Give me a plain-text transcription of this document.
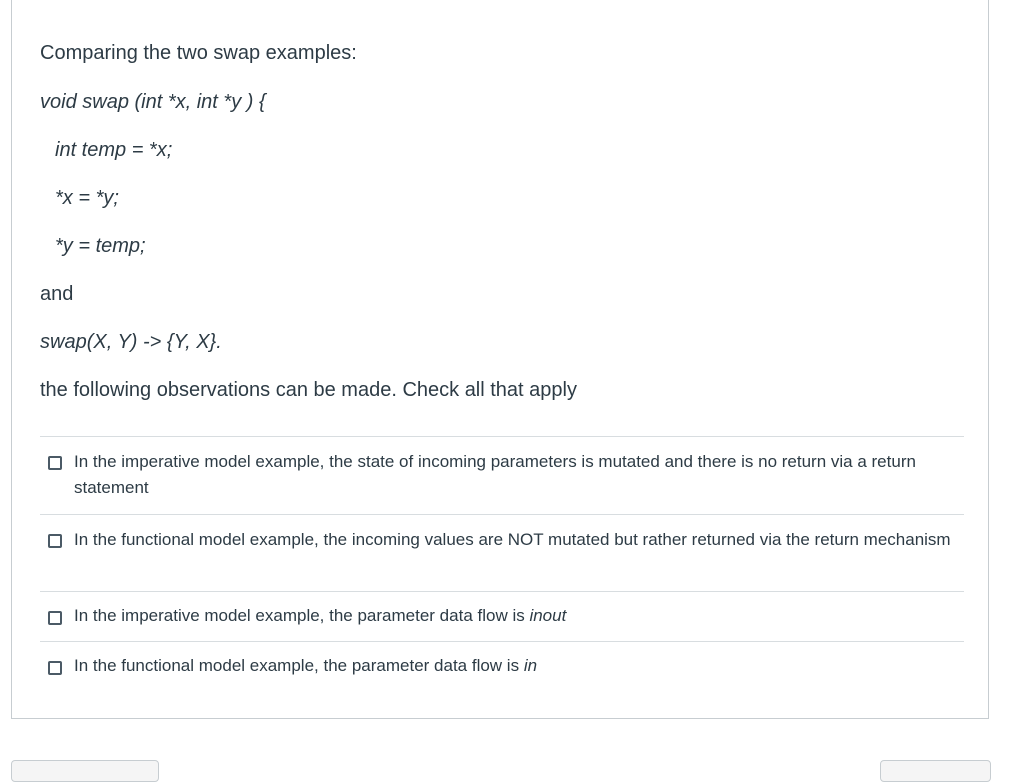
Comparing the two swap examples:
void swap (int *x, int *y ) {
int temp = *x;
*x = *y;
*y = temp;
and
swap(X, Y) -> {Y, X}.
the following observations can be made. Check all that apply
In the imperative model example, the state of incoming parameters is mutated and there is no return via a return statement
In the functional model example, the incoming values are NOT mutated but rather returned via the return mechanism
In the imperative model example, the parameter data flow is inout
In the functional model example, the parameter data flow is in
